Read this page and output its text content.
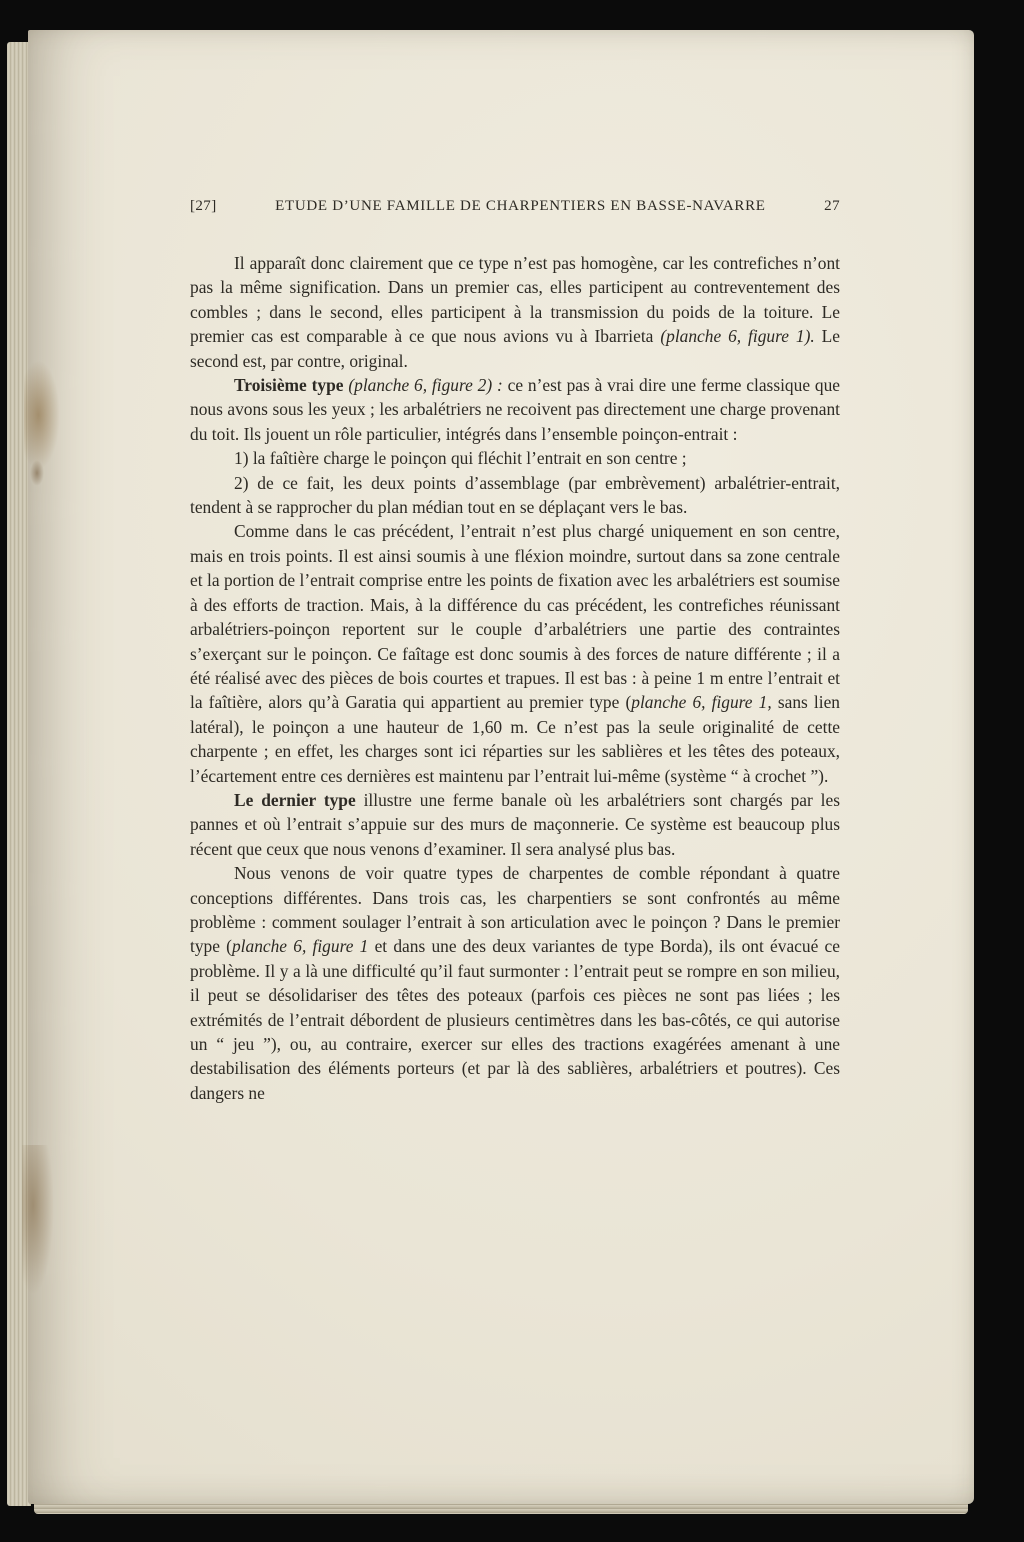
[27]	ETUDE D’UNE FAMILLE DE CHARPENTIERS EN BASSE-NAVARRE	27

Il apparaît donc clairement que ce type n’est pas homogène, car les contrefiches n’ont pas la même signification. Dans un premier cas, elles participent au contreventement des combles ; dans le second, elles participent à la transmission du poids de la toiture. Le premier cas est comparable à ce que nous avions vu à Ibarrieta (planche 6, figure 1). Le second est, par contre, original.

Troisième type (planche 6, figure 2) : ce n’est pas à vrai dire une ferme classique que nous avons sous les yeux ; les arbalétriers ne recoivent pas directement une charge provenant du toit. Ils jouent un rôle particulier, intégrés dans l’ensemble poinçon-entrait :

1) la faîtière charge le poinçon qui fléchit l’entrait en son centre ;

2) de ce fait, les deux points d’assemblage (par embrèvement) arbalétrier-entrait, tendent à se rapprocher du plan médian tout en se déplaçant vers le bas.

Comme dans le cas précédent, l’entrait n’est plus chargé uniquement en son centre, mais en trois points. Il est ainsi soumis à une fléxion moindre, surtout dans sa zone centrale et la portion de l’entrait comprise entre les points de fixation avec les arbalétriers est soumise à des efforts de traction. Mais, à la différence du cas précédent, les contrefiches réunissant arbalétriers-poinçon reportent sur le couple d’arbalétriers une partie des contraintes s’exerçant sur le poinçon. Ce faîtage est donc soumis à des forces de nature différente ; il a été réalisé avec des pièces de bois courtes et trapues. Il est bas : à peine 1 m entre l’entrait et la faîtière, alors qu’à Garatia qui appartient au premier type (planche 6, figure 1, sans lien latéral), le poinçon a une hauteur de 1,60 m. Ce n’est pas la seule originalité de cette charpente ; en effet, les charges sont ici réparties sur les sablières et les têtes des poteaux, l’écartement entre ces dernières est maintenu par l’entrait lui-même (système “ à crochet ”).

Le dernier type illustre une ferme banale où les arbalétriers sont chargés par les pannes et où l’entrait s’appuie sur des murs de maçonnerie. Ce système est beaucoup plus récent que ceux que nous venons d’examiner. Il sera analysé plus bas.

Nous venons de voir quatre types de charpentes de comble répondant à quatre conceptions différentes. Dans trois cas, les charpentiers se sont confrontés au même problème : comment soulager l’entrait à son articulation avec le poinçon ? Dans le premier type (planche 6, figure 1 et dans une des deux variantes de type Borda), ils ont évacué ce problème. Il y a là une difficulté qu’il faut surmonter : l’entrait peut se rompre en son milieu, il peut se désolidariser des têtes des poteaux (parfois ces pièces ne sont pas liées ; les extrémités de l’entrait débordent de plusieurs centimètres dans les bas-côtés, ce qui autorise un “ jeu ”), ou, au contraire, exercer sur elles des tractions exagérées amenant à une destabilisation des éléments porteurs (et par là des sablières, arbalétriers et poutres). Ces dangers ne
